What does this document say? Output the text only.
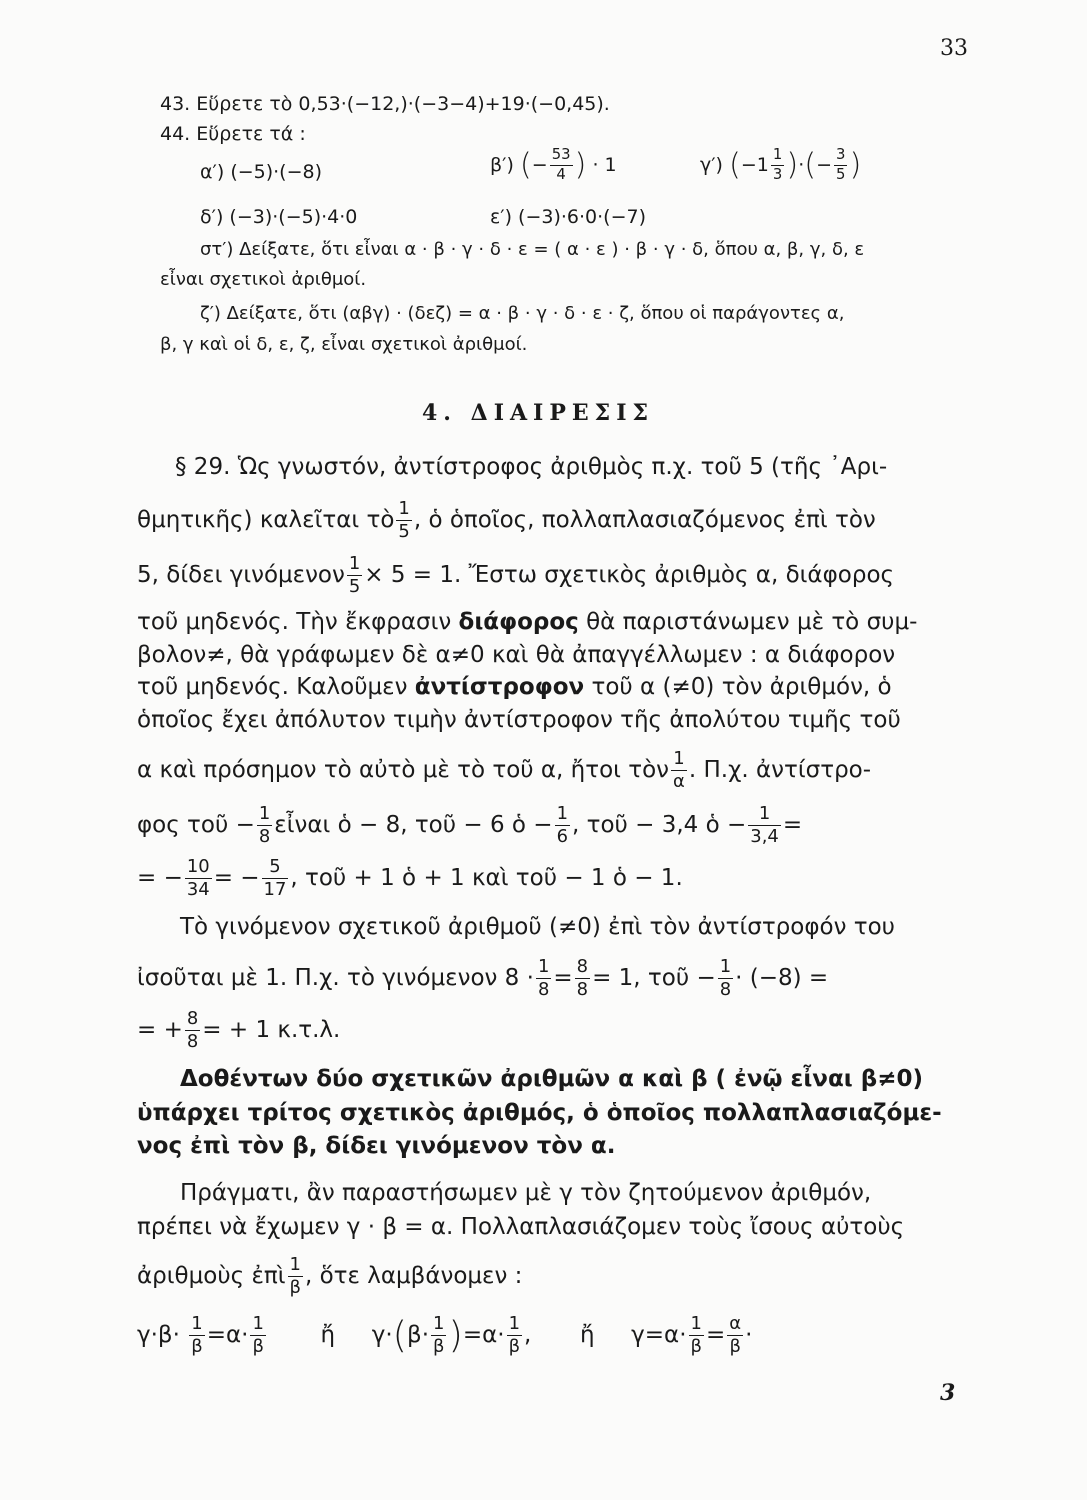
33
43. Εὕρετε τὸ 0,53·(−12,)·(−3−4)+19·(−0,45).
44. Εὕρετε τά :
α′) (−5)·(−8)	β′) (− $\frac{53}{4}$ ) · 1	γ′) ($-1 \frac{1}{3}$ )·(− $\frac{3}{5}$ )
δ′) (−3)·(−5)·4·0	ε′) (−3)·6·0·(−7)
στ′) Δείξατε, ὅτι εἶναι α · β · γ · δ · ε = ( α · ε ) · β · γ · δ, ὅπου α, β, γ, δ, ε
εἶναι σχετικοὶ ἀριθμοί.
ζ′) Δείξατε, ὅτι (αβγ) · (δεζ) = α · β · γ · δ · ε · ζ, ὅπου οἱ παράγοντες α,
β, γ καὶ οἱ δ, ε, ζ, εἶναι σχετικοὶ ἀριθμοί.
4. ΔΙΑΙΡΕΣΙΣ
§ 29. Ὡς γνωστόν, ἀντίστροφος ἀριθμὸς π.χ. τοῦ 5 (τῆς ᾽Αρι-
θμητικῆς) καλεῖται τὸ $\frac{1}{5}$ , ὁ ὁποῖος, πολλαπλασιαζόμενος ἐπὶ τὸν
5, δίδει γινόμενον $\frac{1}{5} \times 5 = 1$. Ἔστω σχετικὸς ἀριθμὸς α, διάφορος
τοῦ μηδενός. Τὴν ἔκφρασιν διάφορος θὰ παριστάνωμεν μὲ τὸ συμ-
βολον≠, θὰ γράφωμεν δὲ α≠0 καὶ θὰ ἀπαγγέλλωμεν : α διάφορον
τοῦ μηδενός. Καλοῦμεν ἀντίστροφον τοῦ α (≠0) τὸν ἀριθμόν, ὁ
ὁποῖος ἔχει ἀπόλυτον τιμὴν ἀντίστροφον τῆς ἀπολύτου τιμῆς τοῦ
α καὶ πρόσημον τὸ αὐτὸ μὲ τὸ τοῦ α, ἤτοι τὸν $\frac{1}{\alpha}$ . Π.χ. ἀντίστρο-
φος τοῦ − $\frac{1}{8}$ εἶναι ὁ − 8, τοῦ − 6 ὁ − $\frac{1}{6}$ , τοῦ − 3,4 ὁ − $\frac{1}{3,4}$ =
= − $\frac{10}{34}$ = − $\frac{5}{17}$ , τοῦ + 1 ὁ + 1 καὶ τοῦ − 1 ὁ − 1.
Τὸ γινόμενον σχετικοῦ ἀριθμοῦ (≠0) ἐπὶ τὸν ἀντίστροφόν του
ἰσοῦται μὲ 1. Π.χ. τὸ γινόμενον $8 \cdot \frac{1}{8} = \frac{8}{8} = 1$, τοῦ − $\frac{1}{8} \cdot (-8)$ =
= + $\frac{8}{8}$ = + 1 κ.τ.λ.
Δοθέντων δύο σχετικῶν ἀριθμῶν α καὶ β ( ἐνῷ εἶναι β≠0)
ὑπάρχει τρίτος σχετικὸς ἀριθμός, ὁ ὁποῖος πολλαπλασιαζόμε-
νος ἐπὶ τὸν β, δίδει γινόμενον τὸν α.
Πράγματι, ἂν παραστήσωμεν μὲ γ τὸν ζητούμενον ἀριθμόν,
πρέπει νὰ ἔχωμεν γ · β = α. Πολλαπλασιάζομεν τοὺς ἴσους αὐτοὺς
ἀριθμοὺς ἐπὶ $\frac{1}{\beta}$ , ὅτε λαμβάνομεν :
$\gamma\cdot\beta\cdot \frac{1}{\beta} =\alpha\cdot \frac{1}{\beta}$ ἤ $\gamma\cdot(\beta\cdot \frac{1}{\beta} )=\alpha\cdot \frac{1}{\beta}$ ,  ἤ $\gamma=\alpha\cdot \frac{1}{\beta} = \frac{\alpha}{\beta}$ ·
3
